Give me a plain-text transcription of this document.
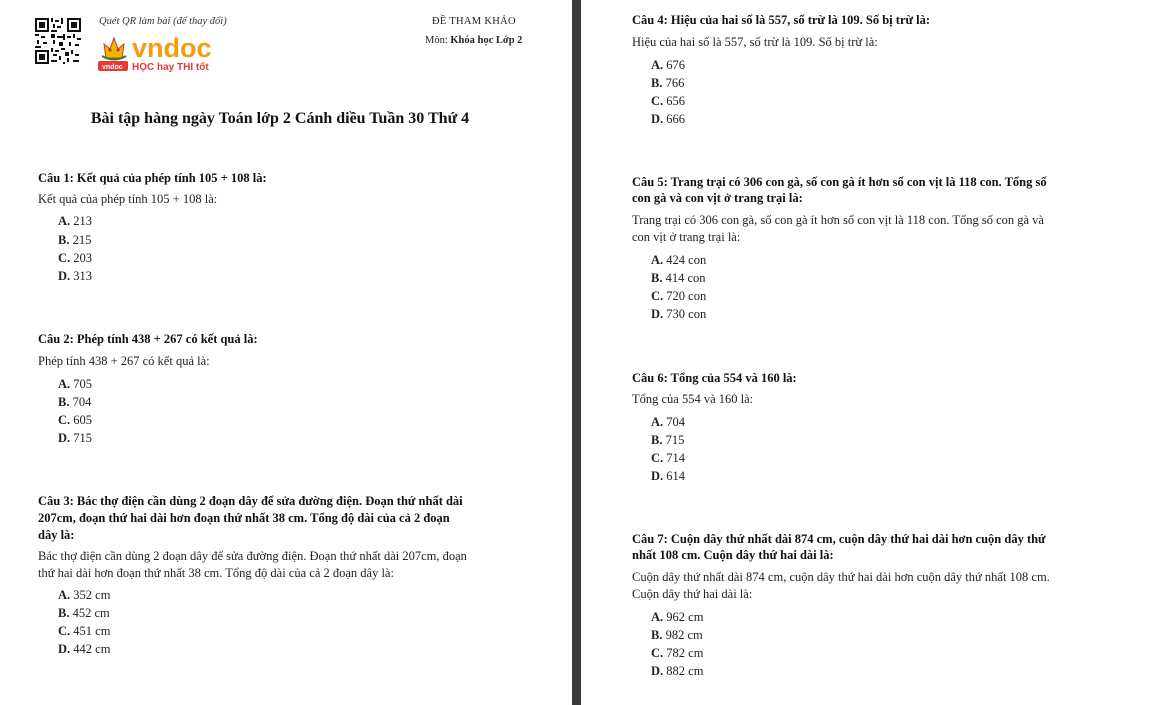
Quét QR làm bài (để thay đổi)
vndoc
vndoc HỌC hay THI tốt
ĐỀ THAM KHẢO
Môn: Khóa học Lớp 2
Bài tập hàng ngày Toán lớp 2 Cánh diều Tuần 30 Thứ 4
Câu 1: Kết quả của phép tính 105 + 108 là:
Kết quả của phép tính 105 + 108 là:
A. 213
B. 215
C. 203
D. 313
Câu 2: Phép tính 438 + 267 có kết quả là:
Phép tính 438 + 267 có kết quả là:
A. 705
B. 704
C. 605
D. 715
Câu 3: Bác thợ điện cần dùng 2 đoạn dây để sửa đường điện. Đoạn thứ nhất dài
207cm, đoạn thứ hai dài hơn đoạn thứ nhất 38 cm. Tổng độ dài của cả 2 đoạn
dây là:
Bác thợ điện cần dùng 2 đoạn dây để sửa đường điện. Đoạn thứ nhất dài 207cm, đoạn
thứ hai dài hơn đoạn thứ nhất 38 cm. Tổng độ dài của cả 2 đoạn dây là:
A. 352 cm
B. 452 cm
C. 451 cm
D. 442 cm
Câu 4: Hiệu của hai số là 557, số trừ là 109. Số bị trừ là:
Hiệu của hai số là 557, số trừ là 109. Số bị trừ là:
A. 676
B. 766
C. 656
D. 666
Câu 5: Trang trại có 306 con gà, số con gà ít hơn số con vịt là 118 con. Tổng số
con gà và con vịt ở trang trại là:
Trang trại có 306 con gà, số con gà ít hơn số con vịt là 118 con. Tổng số con gà và
con vịt ở trang trại là:
A. 424 con
B. 414 con
C. 720 con
D. 730 con
Câu 6: Tổng của 554 và 160 là:
Tổng của 554 và 160 là:
A. 704
B. 715
C. 714
D. 614
Câu 7: Cuộn dây thứ nhất dài 874 cm, cuộn dây thứ hai dài hơn cuộn dây thứ
nhất 108 cm. Cuộn dây thứ hai dài là:
Cuộn dây thứ nhất dài 874 cm, cuộn dây thứ hai dài hơn cuộn dây thứ nhất 108 cm.
Cuộn dây thứ hai dài là:
A. 962 cm
B. 982 cm
C. 782 cm
D. 882 cm
